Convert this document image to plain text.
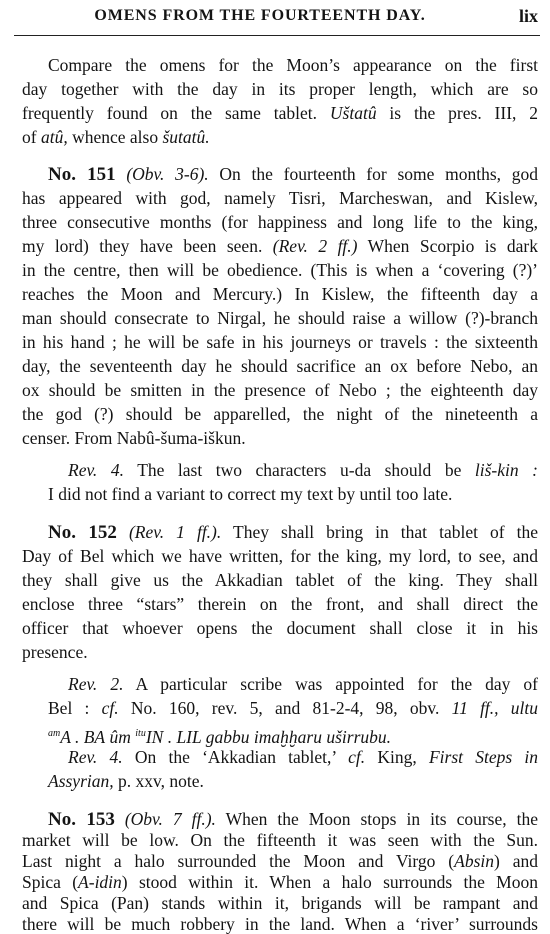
OMENS FROM THE FOURTEENTH DAY.	lix
Compare the omens for the Moon’s appearance on the first
day together with the day in its proper length, which are so
frequently found on the same tablet. Uštatû is the pres. III, 2
of atû, whence also šutatû.
No. 151 (Obv. 3-6). On the fourteenth for some months, god
has appeared with god, namely Tisri, Marcheswan, and Kislew,
three consecutive months (for happiness and long life to the king,
my lord) they have been seen. (Rev. 2 ff.) When Scorpio is dark
in the centre, then will be obedience. (This is when a ‘covering (?)’
reaches the Moon and Mercury.) In Kislew, the fifteenth day a
man should consecrate to Nirgal, he should raise a willow (?)-branch
in his hand ; he will be safe in his journeys or travels : the sixteenth
day, the seventeenth day he should sacrifice an ox before Nebo, an
ox should be smitten in the presence of Nebo ; the eighteenth day
the god (?) should be apparelled, the night of the nineteenth a
censer. From Nabû-šuma-iškun.
Rev. 4. The last two characters u-da should be liš-kin :
I did not find a variant to correct my text by until too late.
No. 152 (Rev. 1 ff.). They shall bring in that tablet of the
Day of Bel which we have written, for the king, my lord, to see, and
they shall give us the Akkadian tablet of the king. They shall
enclose three “stars” therein on the front, and shall direct the
officer that whoever opens the document shall close it in his
presence.
Rev. 2. A particular scribe was appointed for the day of
Bel : cf. No. 160, rev. 5, and 81-2-4, 98, obv. 11 ff., ultu
$^{am}$A . BA ûm $^{itu}$IN . LIL gabbu imaḫḫaru uširrubu.
Rev. 4. On the ‘Akkadian tablet,’ cf. King, First Steps in
Assyrian, p. xxv, note.
No. 153 (Obv. 7 ff.). When the Moon stops in its course, the
market will be low. On the fifteenth it was seen with the Sun.
Last night a halo surrounded the Moon and Virgo (Absin) and
Spica (A-idin) stood within it. When a halo surrounds the Moon
and Spica (Pan) stands within it, brigands will be rampant and
there will be much robbery in the land. When a ‘river’ surrounds
